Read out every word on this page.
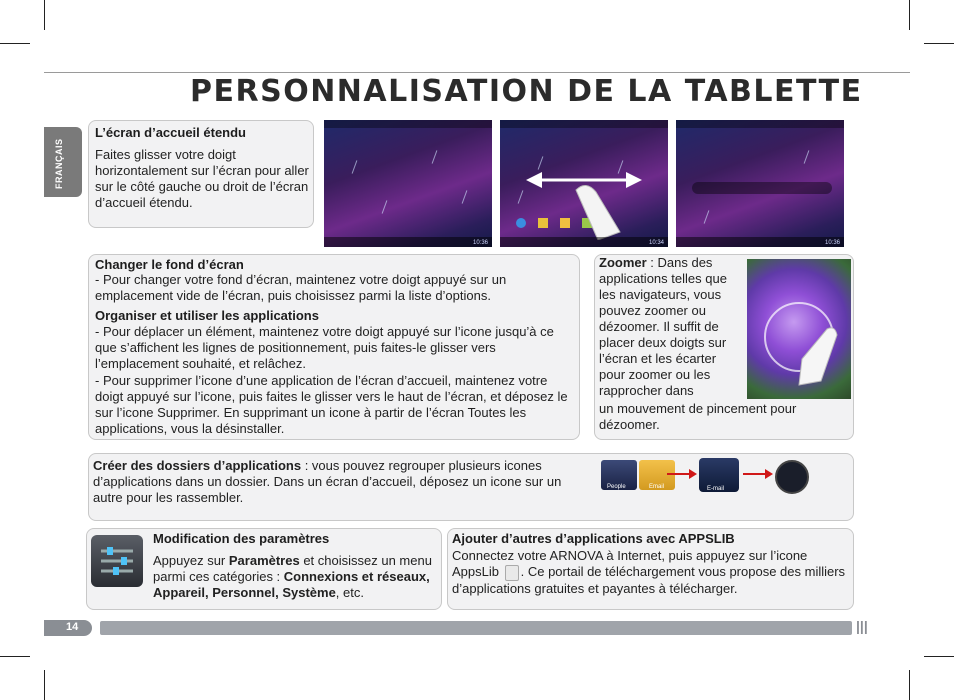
PERSONNALISATION DE LA TABLETTE
FRANÇAIS
L’écran d’accueil étendu
Faites glisser votre doigt horizontalement sur l’écran pour aller sur le côté gauche ou droit de l’écran d’accueil étendu.
10:36	10:34	10:36
Changer le fond d’écran
- Pour changer votre fond d’écran, maintenez votre doigt appuyé sur un emplacement vide de l’écran, puis choisissez parmi la liste d’options.
Organiser et utiliser les applications
- Pour déplacer un élément, maintenez votre doigt appuyé sur l’icone jusqu’à ce que s’affichent les lignes de positionnement, puis faites-le glisser vers l’emplacement souhaité, et relâchez.
- Pour supprimer l’icone d’une application de l’écran d’accueil, maintenez votre doigt appuyé sur l’icone, puis faites le glisser vers le haut de l’écran, et déposez le sur l’icone Supprimer. En supprimant un icone à partir de l’écran Toutes les applications, vous la désinstaller.
Zoomer : Dans des applications telles que les navigateurs, vous pouvez zoomer ou dézoomer. Il suffit de placer deux doigts sur l’écran et les écarter pour zoomer ou les rapprocher dans
un mouvement de pincement pour dézoomer.
Créer des dossiers d’applications : vous pouvez regrouper plusieurs icones d’applications dans un dossier. Dans un écran d’accueil, déposez un icone sur un autre pour les rassembler.
People	Email	E-mail
Modification des paramètres
Appuyez sur Paramètres et choisissez un menu parmi ces catégories : Connexions et réseaux, Appareil, Personnel, Système, etc.
Ajouter d’autres d’applications avec APPSLIB
Connectez votre ARNOVA à Internet, puis appuyez sur l’icone AppsLib . Ce portail de téléchargement vous propose des milliers d’applications gratuites et payantes à télécharger.
14	|||
